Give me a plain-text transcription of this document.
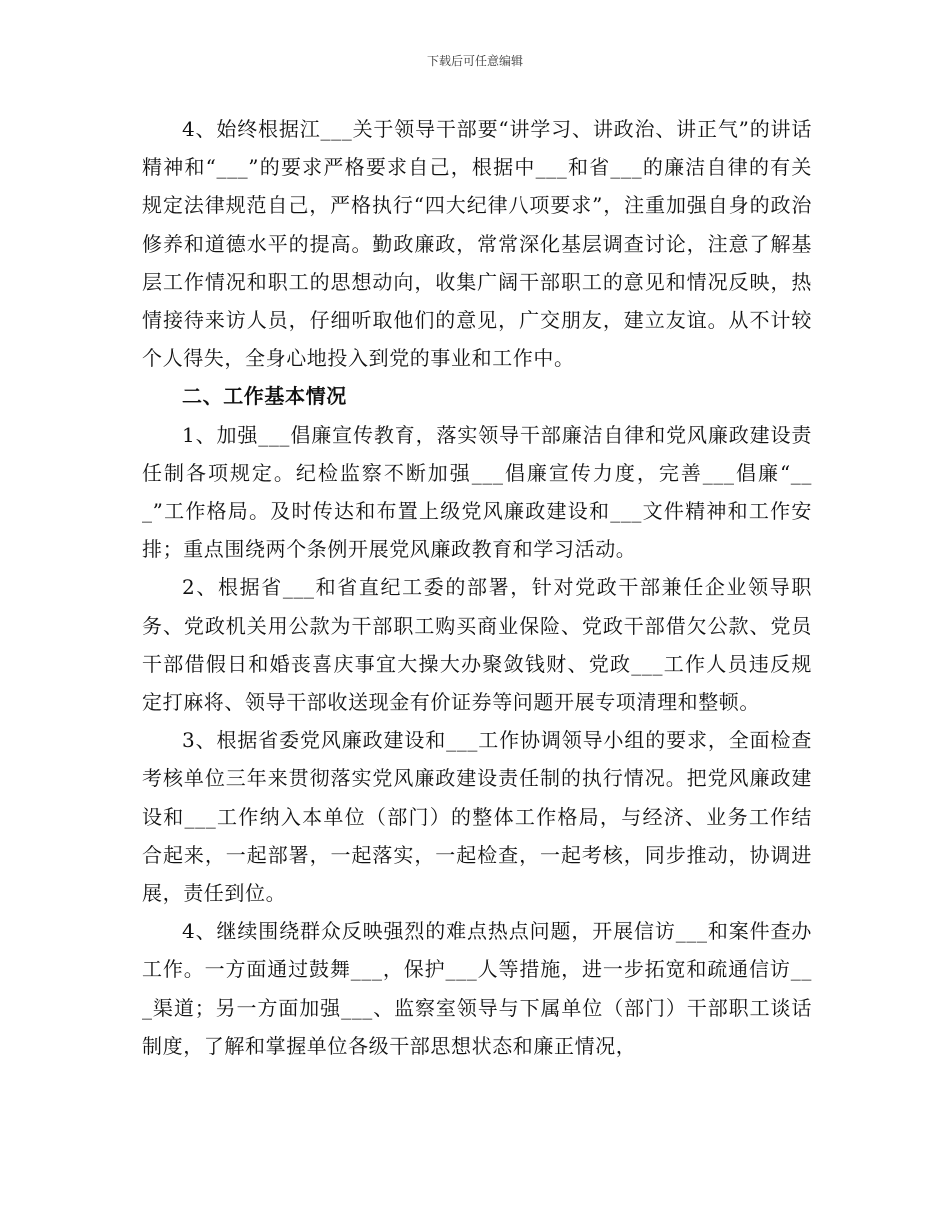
下载后可任意编辑

4、始终根据江___关于领导干部要“讲学习、讲政治、讲正气”的讲话精神和“___”的要求严格要求自己，根据中___和省___的廉洁自律的有关规定法律规范自己，严格执行“四大纪律八项要求”，注重加强自身的政治修养和道德水平的提高。勤政廉政，常常深化基层调查讨论，注意了解基层工作情况和职工的思想动向，收集广阔干部职工的意见和情况反映，热情接待来访人员，仔细听取他们的意见，广交朋友，建立友谊。从不计较个人得失，全身心地投入到党的事业和工作中。

二、工作基本情况

1、加强___倡廉宣传教育，落实领导干部廉洁自律和党风廉政建设责任制各项规定。纪检监察不断加强___倡廉宣传力度，完善___倡廉“___”工作格局。及时传达和布置上级党风廉政建设和___文件精神和工作安排；重点围绕两个条例开展党风廉政教育和学习活动。

2、根据省___和省直纪工委的部署，针对党政干部兼任企业领导职务、党政机关用公款为干部职工购买商业保险、党政干部借欠公款、党员干部借假日和婚丧喜庆事宜大操大办聚敛钱财、党政___工作人员违反规定打麻将、领导干部收送现金有价证券等问题开展专项清理和整顿。

3、根据省委党风廉政建设和___工作协调领导小组的要求，全面检查考核单位三年来贯彻落实党风廉政建设责任制的执行情况。把党风廉政建设和___工作纳入本单位（部门）的整体工作格局，与经济、业务工作结合起来，一起部署，一起落实，一起检查，一起考核，同步推动，协调进展，责任到位。

4、继续围绕群众反映强烈的难点热点问题，开展信访___和案件查办工作。一方面通过鼓舞___，保护___人等措施，进一步拓宽和疏通信访___渠道；另一方面加强___、监察室领导与下属单位（部门）干部职工谈话制度，了解和掌握单位各级干部思想状态和廉正情况，
